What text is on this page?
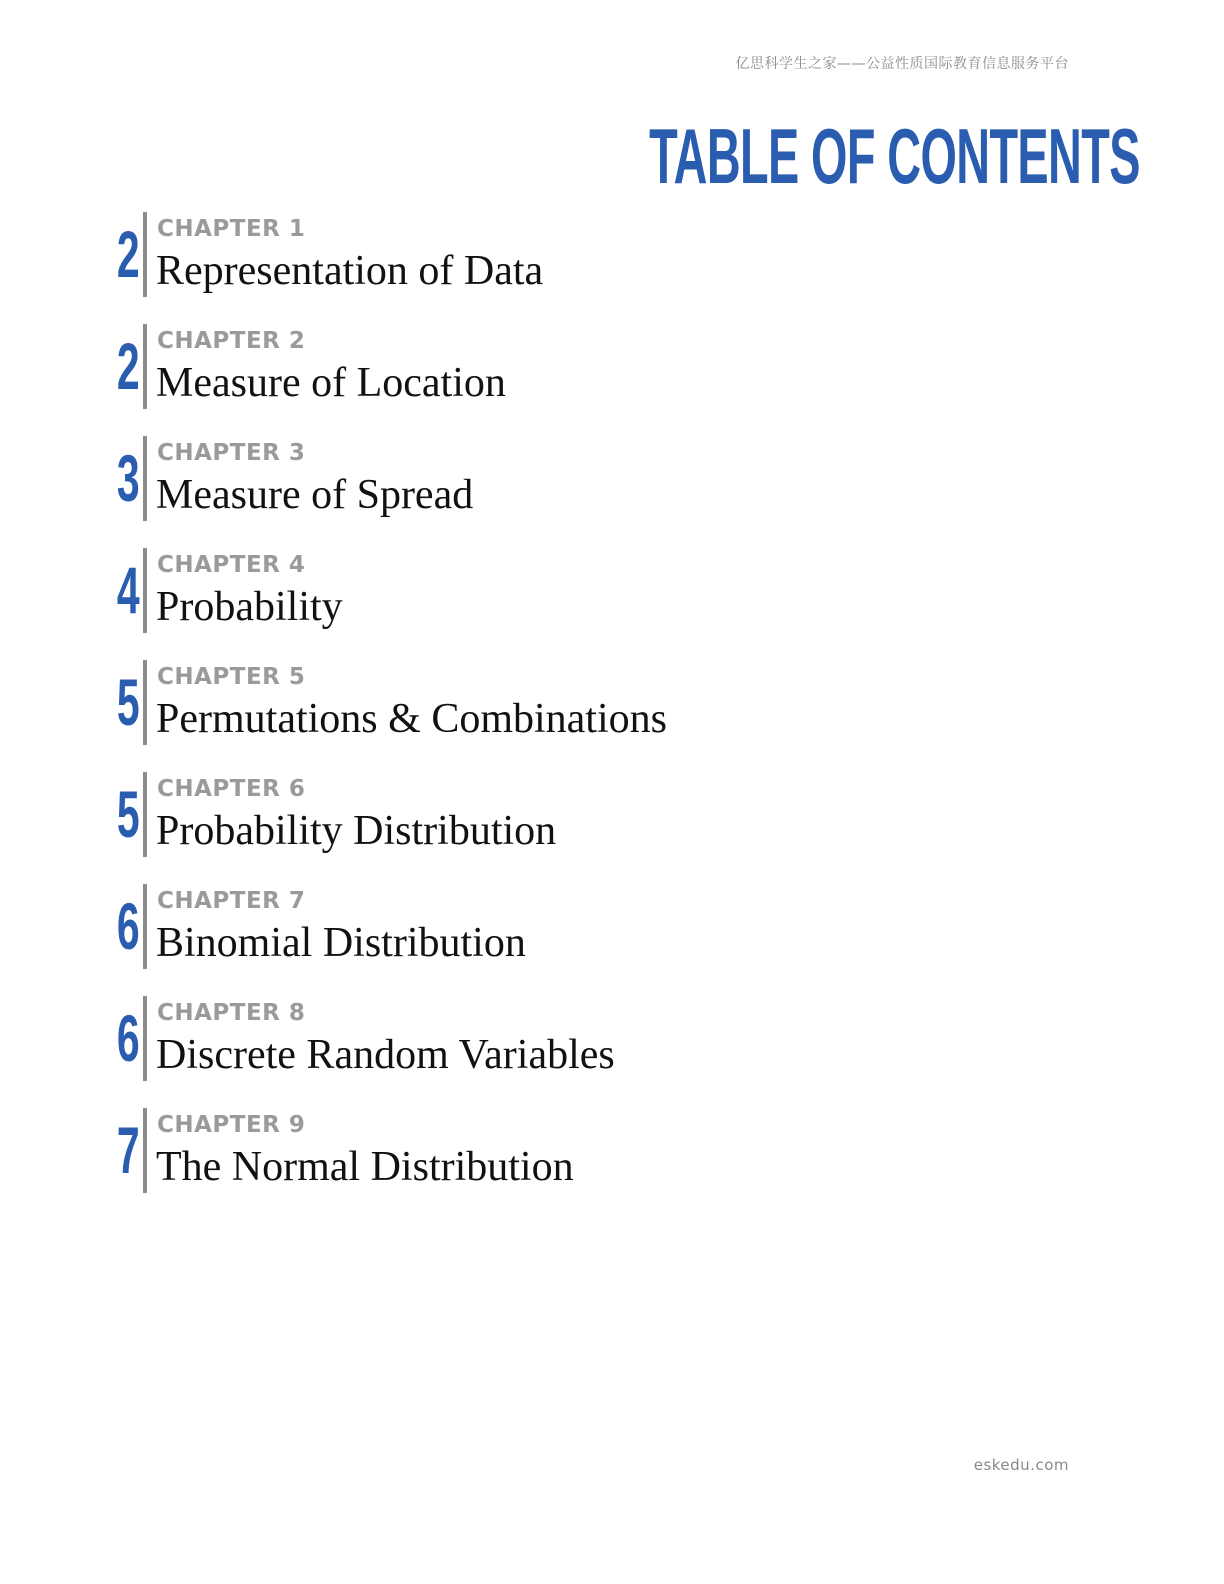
亿思科学生之家——公益性质国际教育信息服务平台
TABLE OF CONTENTS
2 CHAPTER 1
Representation of Data
2 CHAPTER 2
Measure of Location
3 CHAPTER 3
Measure of Spread
4 CHAPTER 4
Probability
5 CHAPTER 5
Permutations & Combinations
5 CHAPTER 6
Probability Distribution
6 CHAPTER 7
Binomial Distribution
6 CHAPTER 8
Discrete Random Variables
7 CHAPTER 9
The Normal Distribution
eskedu.com
